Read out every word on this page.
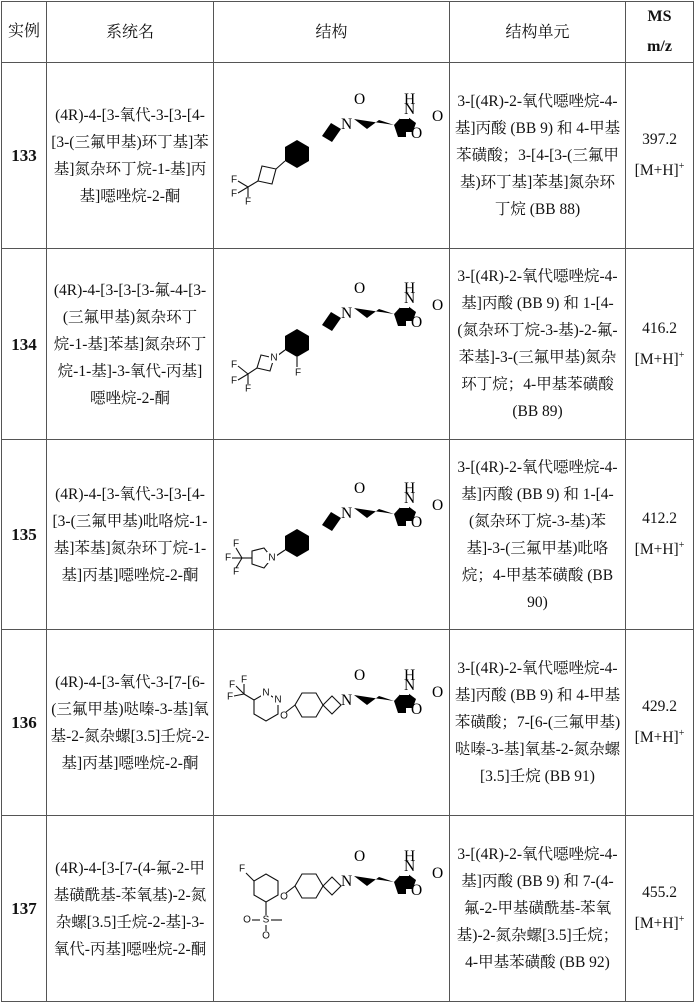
实例	系统名	结构	结构单元	MS
m/z
133	(4R)-4-[3-氧代-3-[3-[4-[3-(三氟甲基)环丁基]苯基]氮杂环丁烷-1-基]丙基]噁唑烷-2-酮	
F
F
F
	3-[(4R)-2-氧代噁唑烷-4-基]丙酸 (BB 9) 和 4-甲基苯磺酸；3-[4-[3-(三氟甲基)环丁基]苯基]氮杂环丁烷 (BB 88)	397.2
[M+H]+
134	(4R)-4-[3-[3-[3-氟-4-[3-(三氟甲基)氮杂环丁烷-1-基]苯基]氮杂环丁烷-1-基]-3-氧代-丙基]噁唑烷-2-酮	
F
N
F
F
F
	3-[(4R)-2-氧代噁唑烷-4-基]丙酸 (BB 9) 和 1-[4-(氮杂环丁烷-3-基)-2-氟-苯基]-3-(三氟甲基)氮杂环丁烷；4-甲基苯磺酸 (BB 89)	416.2
[M+H]+
135	(4R)-4-[3-氧代-3-[3-[4-[3-(三氟甲基)吡咯烷-1-基]苯基]氮杂环丁烷-1-基]丙基]噁唑烷-2-酮	
N
F
F
F
	3-[(4R)-2-氧代噁唑烷-4-基]丙酸 (BB 9) 和 1-[4-(氮杂环丁烷-3-基)苯基]-3-(三氟甲基)吡咯烷；4-甲基苯磺酸 (BB 90)	412.2
[M+H]+
136	(4R)-4-[3-氧代-3-[7-[6-(三氟甲基)哒嗪-3-基]氧基-2-氮杂螺[3.5]壬烷-2-基]丙基]噁唑烷-2-酮	
O
F
F
F	N
N
	3-[(4R)-2-氧代噁唑烷-4-基]丙酸 (BB 9) 和 4-甲基苯磺酸；7-[6-(三氟甲基)哒嗪-3-基]氧基-2-氮杂螺[3.5]壬烷 (BB 91)	429.2
[M+H]+
137	(4R)-4-[3-[7-(4-氟-2-甲基磺酰基-苯氧基)-2-氮杂螺[3.5]壬烷-2-基]-3-氧代-丙基]噁唑烷-2-酮	
O
F
S
O
O
	3-[(4R)-2-氧代噁唑烷-4-基]丙酸 (BB 9) 和 7-(4-氟-2-甲基磺酰基-苯氧基)-2-氮杂螺[3.5]壬烷；4-甲基苯磺酸 (BB 92)	455.2
[M+H]+
